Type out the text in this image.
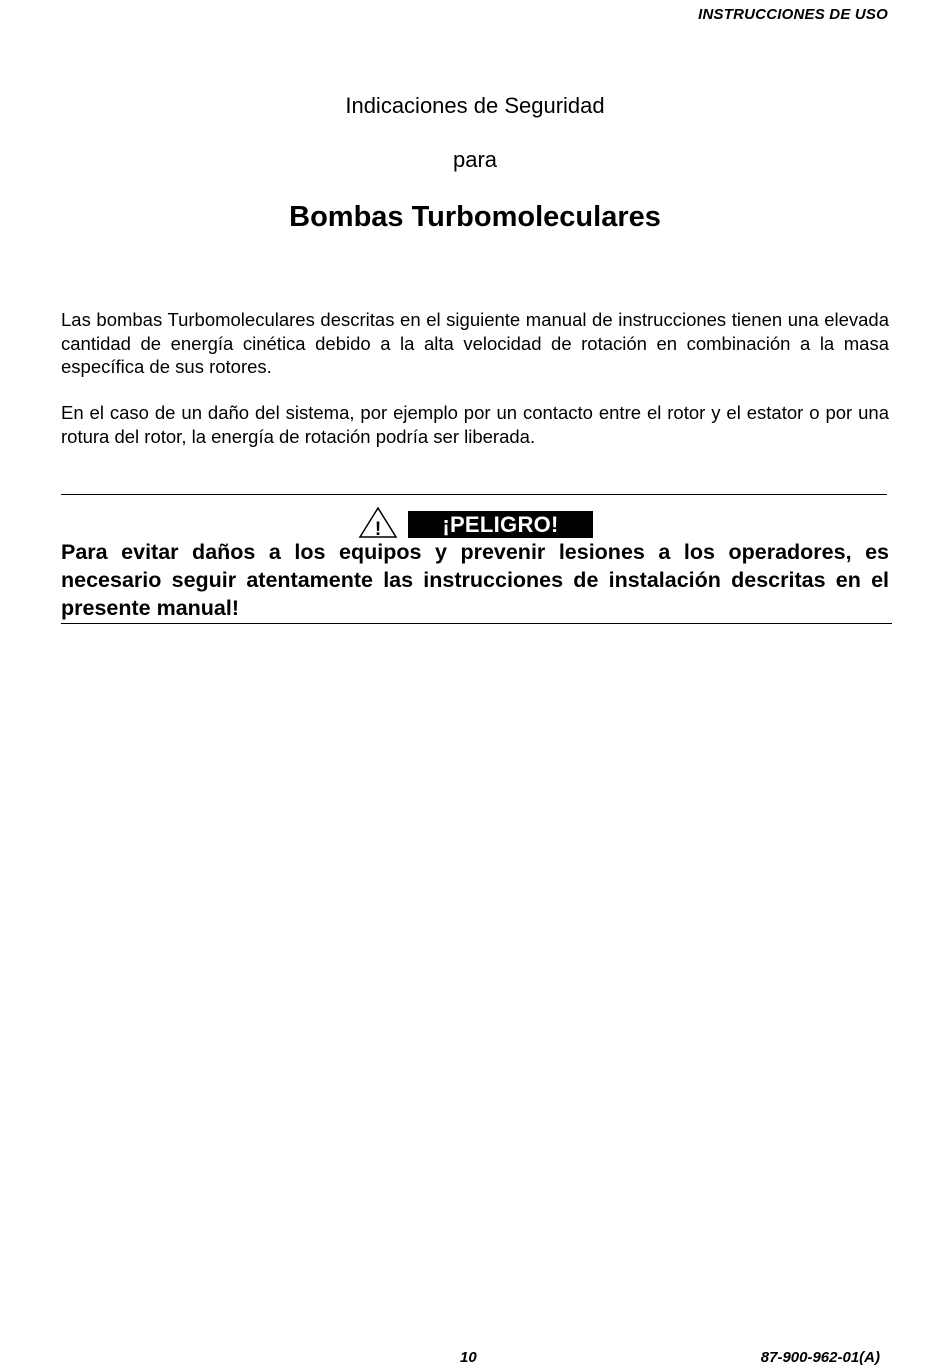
INSTRUCCIONES DE USO
Indicaciones de Seguridad
para
Bombas Turbomoleculares

Las bombas Turbomoleculares descritas en el siguiente manual de instrucciones tienen una elevada cantidad de energía cinética debido a la alta velocidad de rotación en combinación a la masa específica de sus rotores.

En el caso de un daño del sistema, por ejemplo por un contacto entre el rotor y el estator o por una rotura del rotor, la energía de rotación podría ser liberada.

!	¡PELIGRO!

Para evitar daños a los equipos y prevenir lesiones a los operadores, es necesario seguir atentamente las instrucciones de instalación descritas en el presente manual!

10	87-900-962-01(A)
